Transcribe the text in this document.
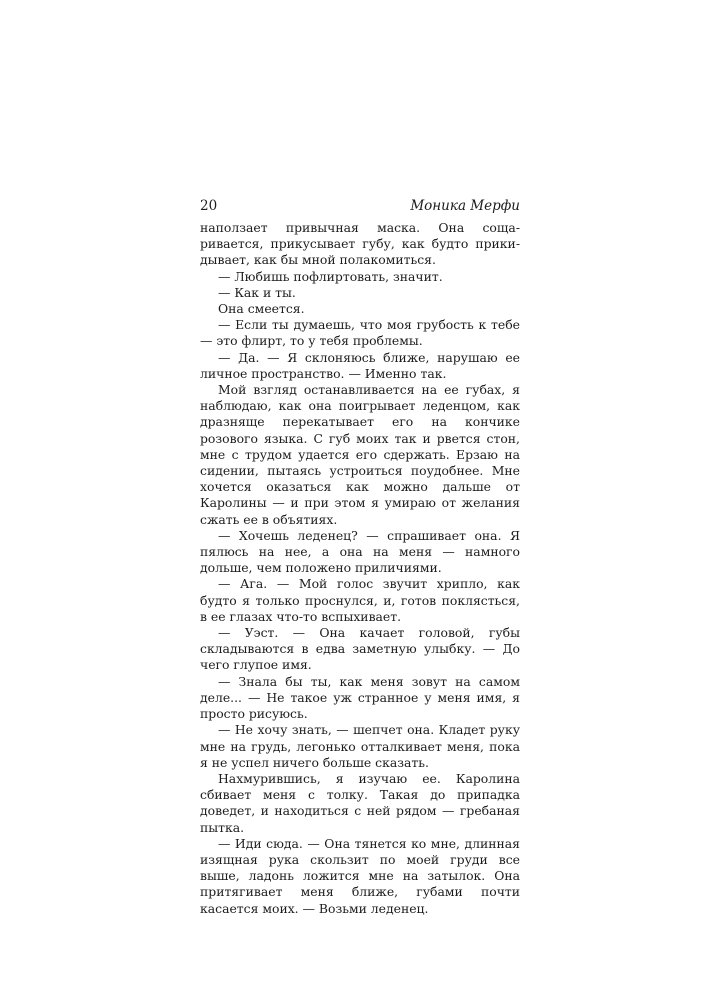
20	Моника Мерфи

наползает привычная маска. Она сощаривается, прикусывает губу, как будто прикидывает, как бы мной полакомиться.

— Любишь пофлиртовать, значит.

— Как и ты.

Она смеется.

— Если ты думаешь, что моя грубость к тебе — это флирт, то у тебя проблемы.

— Да. — Я склоняюсь ближе, нарушаю ее личное пространство. — Именно так.

Мой взгляд останавливается на ее губах, я наблюдаю, как она поигрывает леденцом, как дразняще перекатывает его на кончике розового языка. С губ моих так и рвется стон, мне с трудом удается его сдержать. Ерзаю на сидении, пытаясь устроиться поудобнее. Мне хочется оказаться как можно дальше от Каролины — и при этом я умираю от желания сжать ее в объятиях.

— Хочешь леденец? — спрашивает она. Я пялюсь на нее, а она на меня — намного дольше, чем положено приличиями.

— Ага. — Мой голос звучит хрипло, как будто я только проснулся, и, готов поклясться, в ее глазах что-то вспыхивает.

— Уэст. — Она качает головой, губы складываются в едва заметную улыбку. — До чего глупое имя.

— Знала бы ты, как меня зовут на самом деле... — Не такое уж странное у меня имя, я просто рисуюсь.

— Не хочу знать, — шепчет она. Кладет руку мне на грудь, легонько отталкивает меня, пока я не успел ничего больше сказать.

Нахмурившись, я изучаю ее. Каролина сбивает меня с толку. Такая до припадка доведет, и находиться с ней рядом — гребаная пытка.

— Иди сюда. — Она тянется ко мне, длинная изящная рука скользит по моей груди все выше, ладонь ложится мне на затылок. Она притягивает меня ближе, губами почти касается моих. — Возьми леденец.
